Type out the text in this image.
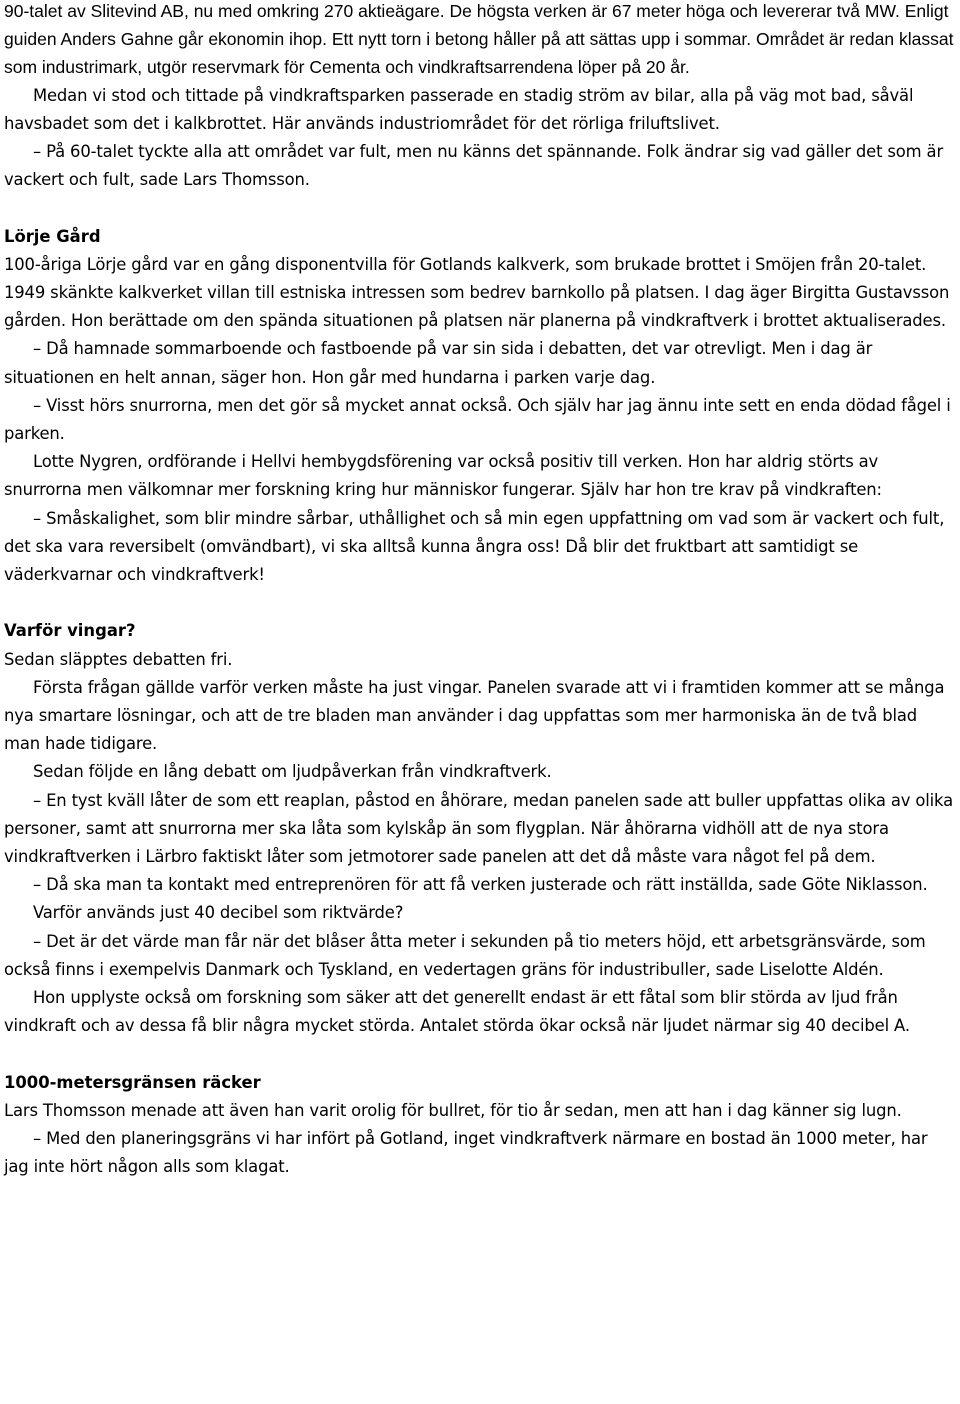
90-talet av Slitevind AB, nu med omkring 270 aktieägare. De högsta verken är 67 meter höga och levererar två MW. Enligt guiden Anders Gahne går ekonomin ihop. Ett nytt torn i betong håller på att sättas upp i sommar. Området är redan klassat som industrimark, utgör reservmark för Cementa och vindkraftsarrendena löper på 20 år.

Medan vi stod och tittade på vindkraftsparken passerade en stadig ström av bilar, alla på väg mot bad, såväl havsbadet som det i kalkbrottet. Här används industriområdet för det rörliga friluftslivet.

– På 60-talet tyckte alla att området var fult, men nu känns det spännande. Folk ändrar sig vad gäller det som är vackert och fult, sade Lars Thomsson.

Lörje Gård

100-åriga Lörje gård var en gång disponentvilla för Gotlands kalkverk, som brukade brottet i Smöjen från 20-talet. 1949 skänkte kalkverket villan till estniska intressen som bedrev barnkollo på platsen. I dag äger Birgitta Gustavsson gården. Hon berättade om den spända situationen på platsen när planerna på vindkraftverk i brottet aktualiserades.

– Då hamnade sommarboende och fastboende på var sin sida i debatten, det var otrevligt. Men i dag är situationen en helt annan, säger hon. Hon går med hundarna i parken varje dag.

– Visst hörs snurrorna, men det gör så mycket annat också. Och själv har jag ännu inte sett en enda dödad fågel i parken.

Lotte Nygren, ordförande i Hellvi hembygdsförening var också positiv till verken. Hon har aldrig störts av snurrorna men välkomnar mer forskning kring hur människor fungerar. Själv har hon tre krav på vindkraften:

– Småskalighet, som blir mindre sårbar, uthållighet och så min egen uppfattning om vad som är vackert och fult, det ska vara reversibelt (omvändbart), vi ska alltså kunna ångra oss! Då blir det fruktbart att samtidigt se väderkvarnar och vindkraftverk!

Varför vingar?

Sedan släpptes debatten fri.

Första frågan gällde varför verken måste ha just vingar. Panelen svarade att vi i framtiden kommer att se många nya smartare lösningar, och att de tre bladen man använder i dag uppfattas som mer harmoniska än de två blad man hade tidigare.

Sedan följde en lång debatt om ljudpåverkan från vindkraftverk.

– En tyst kväll låter de som ett reaplan, påstod en åhörare, medan panelen sade att buller uppfattas olika av olika personer, samt att snurrorna mer ska låta som kylskåp än som flygplan. När åhörarna vidhöll att de nya stora vindkraftverken i Lärbro faktiskt låter som jetmotorer sade panelen att det då måste vara något fel på dem.

– Då ska man ta kontakt med entreprenören för att få verken justerade och rätt inställda, sade Göte Niklasson.

Varför används just 40 decibel som riktvärde?

– Det är det värde man får när det blåser åtta meter i sekunden på tio meters höjd, ett arbetsgränsvärde, som också finns i exempelvis Danmark och Tyskland, en vedertagen gräns för industribuller, sade Liselotte Aldén.

Hon upplyste också om forskning som säker att det generellt endast är ett fåtal som blir störda av ljud från vindkraft och av dessa få blir några mycket störda. Antalet störda ökar också när ljudet närmar sig 40 decibel A.

1000-metersgränsen räcker

Lars Thomsson menade att även han varit orolig för bullret, för tio år sedan, men att han i dag känner sig lugn.

– Med den planeringsgräns vi har infört på Gotland, inget vindkraftverk närmare en bostad än 1000 meter, har jag inte hört någon alls som klagat.
